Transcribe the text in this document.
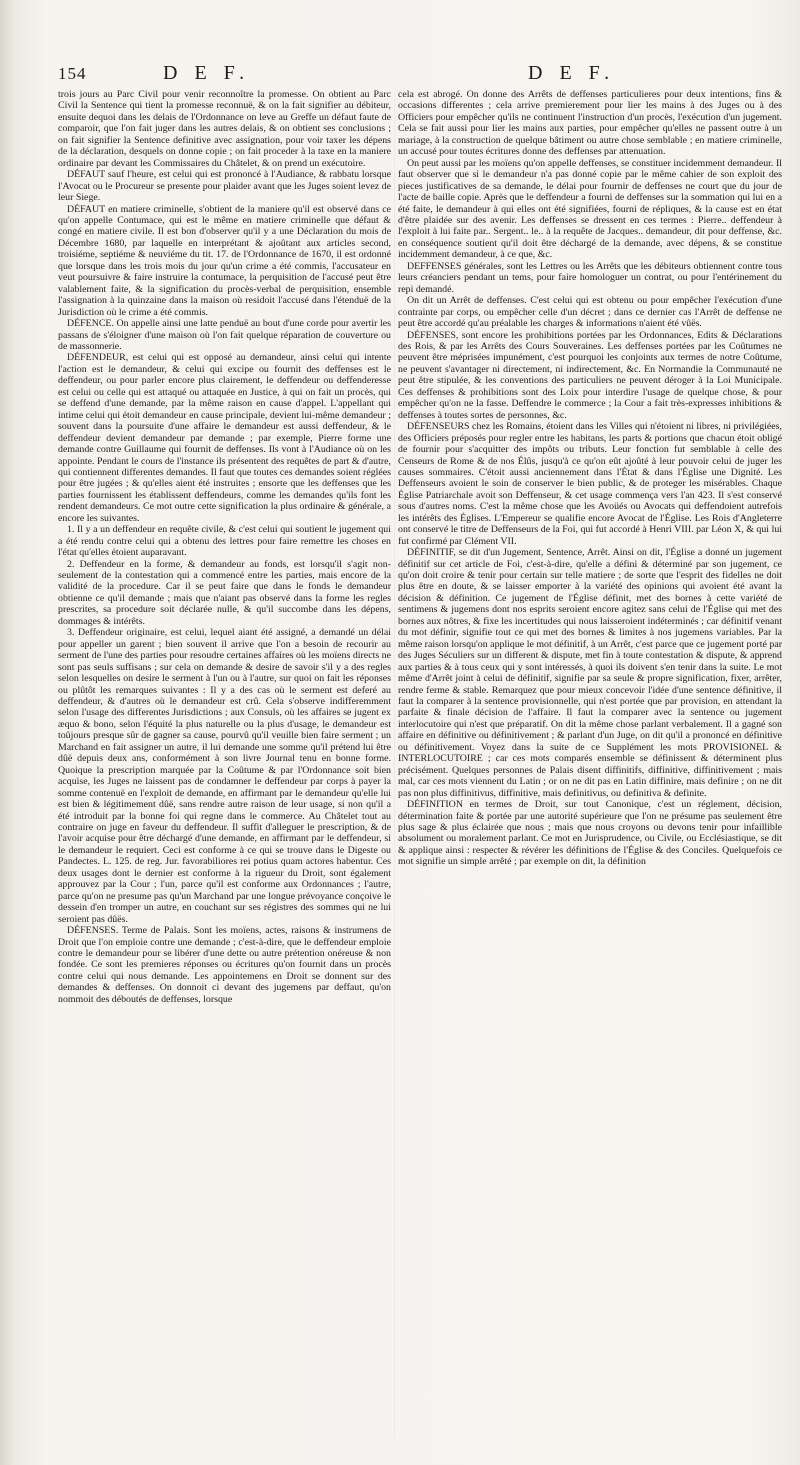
154	D E F.	D E F.

trois jours au Parc Civil pour venir reconnoître la promesse. On obtient au Parc Civil la Sentence qui tient la promesse reconnuë, & on la fait signifier au débiteur, ensuite dequoi dans les delais de l'Ordonnance on leve au Greffe un défaut faute de comparoir, que l'on fait juger dans les autres delais, & on obtient ses conclusions ; on fait signifier la Sentence definitive avec assignation, pour voir taxer les dépens de la déclaration, desquels on donne copie ; on fait proceder à la taxe en la maniere ordinaire par devant les Commissaires du Châtelet, & on prend un exécutoire.

DÉFAUT sauf l'heure, est celui qui est prononcé à l'Audiance, & rabbatu lorsque l'Avocat ou le Procureur se presente pour plaider avant que les Juges soient levez de leur Siege.

DÉFAUT en matiere criminelle, s'obtient de la maniere qu'il est observé dans ce qu'on appelle Contumace, qui est le même en matiere criminelle que défaut & congé en matiere civile. Il est bon d'observer qu'il y a une Déclaration du mois de Décembre 1680, par laquelle en interprétant & ajoûtant aux articles second, troisiéme, septiéme & neuviéme du tit. 17. de l'Ordonnance de 1670, il est ordonné que lorsque dans les trois mois du jour qu'un crime a été commis, l'accusateur en veut poursuivre & faire instruire la contumace, la perquisition de l'accusé peut être valablement faite, & la signification du procès-verbal de perquisition, ensemble l'assignation à la quinzaine dans la maison où residoit l'accusé dans l'étenduë de la Jurisdiction où le crime a été commis.

DÉFENCE. On appelle ainsi une latte penduë au bout d'une corde pour avertir les passans de s'éloigner d'une maison où l'on fait quelque réparation de couverture ou de massonnerie.

DÉFENDEUR, est celui qui est opposé au demandeur, ainsi celui qui intente l'action est le demandeur, & celui qui excipe ou fournit des deffenses est le deffendeur, ou pour parler encore plus clairement, le deffendeur ou deffenderesse est celui ou celle qui est attaqué ou attaquée en Justice, à qui on fait un procès, qui se deffend d'une demande, par la même raison en cause d'appel. L'appellant qui intime celui qui étoit demandeur en cause principale, devient lui-même demandeur ; souvent dans la poursuite d'une affaire le demandeur est aussi deffendeur, & le deffendeur devient demandeur par demande ; par exemple, Pierre forme une demande contre Guillaume qui fournit de deffenses. Ils vont à l'Audiance où on les appointe. Pendant le cours de l'instance ils présentent des requêtes de part & d'autre, qui contiennent differentes demandes. Il faut que toutes ces demandes soient réglées pour être jugées ; & qu'elles aient été instruites ; ensorte que les deffenses que les parties fournissent les établissent deffendeurs, comme les demandes qu'ils font les rendent demandeurs. Ce mot outre cette signification la plus ordinaire & générale, a encore les suivantes.

1. Il y a un deffendeur en requête civile, & c'est celui qui soutient le jugement qui a été rendu contre celui qui a obtenu des lettres pour faire remettre les choses en l'état qu'elles étoient auparavant.

2. Deffendeur en la forme, & demandeur au fonds, est lorsqu'il s'agit non-seulement de la contestation qui a commencé entre les parties, mais encore de la validité de la procedure. Car il se peut faire que dans le fonds le demandeur obtienne ce qu'il demande ; mais que n'aiant pas observé dans la forme les regles prescrites, sa procedure soit déclarée nulle, & qu'il succombe dans les dépens, dommages & intérêts.

3. Deffendeur originaire, est celui, lequel aiant été assigné, a demandé un délai pour appeller un garent ; bien souvent il arrive que l'on a besoin de recourir au serment de l'une des parties pour resoudre certaines affaires où les moïens directs ne sont pas seuls suffisans ; sur cela on demande & desire de savoir s'il y a des regles selon lesquelles on desire le serment à l'un ou à l'autre, sur quoi on fait les réponses ou plûtôt les remarques suivantes : Il y a des cas où le serment est deferé au deffendeur, & d'autres où le demandeur est crû. Cela s'observe indifferemment selon l'usage des differentes Jurisdictions ; aux Consuls, où les affaires se jugent ex æquo & bono, selon l'équité la plus naturelle ou la plus d'usage, le demandeur est toûjours presque sûr de gagner sa cause, pourvû qu'il veuille bien faire serment ; un Marchand en fait assigner un autre, il lui demande une somme qu'il prétend lui être dûë depuis deux ans, conformément à son livre Journal tenu en bonne forme. Quoique la prescription marquée par la Coûtume & par l'Ordonnance soit bien acquise, les Juges ne laissent pas de condamner le deffendeur par corps à payer la somme contenuë en l'exploit de demande, en affirmant par le demandeur qu'elle lui est bien & légitimement dûë, sans rendre autre raison de leur usage, si non qu'il a été introduit par la bonne foi qui regne dans le commerce. Au Châtelet tout au contraire on juge en faveur du deffendeur. Il suffit d'alleguer le prescription, & de l'avoir acquise pour être déchargé d'une demande, en affirmant par le deffendeur, si le demandeur le requiert. Ceci est conforme à ce qui se trouve dans le Digeste ou Pandectes. L. 125. de reg. Jur. favorabiliores rei potius quam actores habentur. Ces deux usages dont le dernier est conforme à la rigueur du Droit, sont également approuvez par la Cour ; l'un, parce qu'il est conforme aux Ordonnances ; l'autre, parce qu'on ne presume pas qu'un Marchand par une longue prévoyance conçoive le dessein d'en tromper un autre, en couchant sur ses régistres des sommes qui ne lui seroient pas dûës.

DÉFENSES. Terme de Palais. Sont les moïens, actes, raisons & instrumens de Droit que l'on emploie contre une demande ; c'est-à-dire, que le deffendeur emploie contre le demandeur pour se libérer d'une dette ou autre prétention onéreuse & non fondée. Ce sont les premieres réponses ou écritures qu'on fournit dans un procès contre celui qui nous demande. Les appointemens en Droit se donnent sur des demandes & deffenses. On donnoit ci devant des jugemens par deffaut, qu'on nommoit des déboutés de deffenses, lorsque

cela est abrogé. On donne des Arrêts de deffenses particulieres pour deux intentions, fins & occasions differentes ; cela arrive premierement pour lier les mains à des Juges ou à des Officiers pour empêcher qu'ils ne continuent l'instruction d'un procès, l'exécution d'un jugement. Cela se fait aussi pour lier les mains aux parties, pour empêcher qu'elles ne passent outre à un mariage, à la construction de quelque bâtiment ou autre chose semblable ; en matiere criminelle, un accusé pour toutes écritures donne des deffenses par attenuation.

On peut aussi par les moïens qu'on appelle deffenses, se constituer incidemment demandeur. Il faut observer que si le demandeur n'a pas donné copie par le même cahier de son exploit des pieces justificatives de sa demande, le délai pour fournir de deffenses ne court que du jour de l'acte de baille copie. Après que le deffendeur a fourni de deffenses sur la sommation qui lui en a été faite, le demandeur à qui elles ont été signifiées, fourni de répliques, & la cause est en état d'être plaidée sur des avenir. Les deffenses se dressent en ces termes : Pierre.. deffendeur à l'exploit à lui faite par.. Sergent.. le.. à la requête de Jacques.. demandeur, dit pour deffense, &c. en conséquence soutient qu'il doit être déchargé de la demande, avec dépens, & se constitue incidemment demandeur, à ce que, &c.

DEFFENSES générales, sont les Lettres ou les Arrêts que les débiteurs obtiennent contre tous leurs créanciers pendant un tems, pour faire homologuer un contrat, ou pour l'entérinement du repi demandé.

On dit un Arrêt de deffenses. C'est celui qui est obtenu ou pour empêcher l'exécution d'une contrainte par corps, ou empêcher celle d'un décret ; dans ce dernier cas l'Arrêt de deffense ne peut être accordé qu'au préalable les charges & informations n'aient été vûës.

DÉFENSES, sont encore les prohibitions portées par les Ordonnances, Edits & Déclarations des Rois, & par les Arrêts des Cours Souveraines. Les deffenses portées par les Coûtumes ne peuvent être méprisées impunément, c'est pourquoi les conjoints aux termes de notre Coûtume, ne peuvent s'avantager ni directement, ni indirectement, &c. En Normandie la Communauté ne peut être stipulée, & les conventions des particuliers ne peuvent déroger à la Loi Municipale. Ces deffenses & prohibitions sont des Loix pour interdire l'usage de quelque chose, & pour empêcher qu'on ne la fasse. Deffendre le commerce ; la Cour a fait très-expresses inhibitions & deffenses à toutes sortes de personnes, &c.

DÉFENSEURS chez les Romains, étoient dans les Villes qui n'étoient ni libres, ni privilégiées, des Officiers préposés pour regler entre les habitans, les parts & portions que chacun étoit obligé de fournir pour s'acquitter des impôts ou tributs. Leur fonction fut semblable à celle des Censeurs de Rome & de nos Élûs, jusqu'à ce qu'on eût ajoûté à leur pouvoir celui de juger les causes sommaires. C'étoit aussi anciennement dans l'État & dans l'Église une Dignité. Les Deffenseurs avoient le soin de conserver le bien public, & de proteger les misérables. Chaque Église Patriarchale avoit son Deffenseur, & cet usage commença vers l'an 423. Il s'est conservé sous d'autres noms. C'est la même chose que les Avoüés ou Avocats qui deffendoient autrefois les intérêts des Églises. L'Empereur se qualifie encore Avocat de l'Église. Les Rois d'Angleterre ont conservé le titre de Deffenseurs de la Foi, qui fut accordé à Henri VIII. par Léon X, & qui lui fut confirmé par Clément VII.

DÉFINITIF, se dit d'un Jugement, Sentence, Arrêt. Ainsi on dit, l'Église a donné un jugement définitif sur cet article de Foi, c'est-à-dire, qu'elle a défini & déterminé par son jugement, ce qu'on doit croire & tenir pour certain sur telle matiere ; de sorte que l'esprit des fidelles ne doit plus être en doute, & se laisser emporter à la variété des opinions qui avoient été avant la décision & définition. Ce jugement de l'Église définit, met des bornes à cette variété de sentimens & jugemens dont nos esprits seroient encore agitez sans celui de l'Église qui met des bornes aux nôtres, & fixe les incertitudes qui nous laisseroient indéterminés ; car définitif venant du mot définir, signifie tout ce qui met des bornes & limites à nos jugemens variables. Par la même raison lorsqu'on applique le mot définitif, à un Arrêt, c'est parce que ce jugement porté par des Juges Séculiers sur un different & dispute, met fin à toute contestation & dispute, & apprend aux parties & à tous ceux qui y sont intéressés, à quoi ils doivent s'en tenir dans la suite. Le mot même d'Arrêt joint à celui de définitif, signifie par sa seule & propre signification, fixer, arrêter, rendre ferme & stable. Remarquez que pour mieux concevoir l'idée d'une sentence définitive, il faut la comparer à la sentence provisionnelle, qui n'est portée que par provision, en attendant la parfaite & finale décision de l'affaire. Il faut la comparer avec la sentence ou jugement interlocutoire qui n'est que préparatif. On dit la même chose parlant verbalement. Il a gagné son affaire en définitive ou définitivement ; & parlant d'un Juge, on dit qu'il a prononcé en définitive ou définitivement. Voyez dans la suite de ce Supplément les mots PROVISIONEL & INTERLOCUTOIRE ; car ces mots comparés ensemble se définissent & déterminent plus précisément. Quelques personnes de Palais disent diffinitifs, diffinitive, diffinitivement ; mais mal, car ces mots viennent du Latin ; or on ne dit pas en Latin diffinire, mais definire ; on ne dit pas non plus diffinitivus, diffinitive, mais definitivus, ou definitiva & definite.

DÉFINITION en termes de Droit, sur tout Canonique, c'est un réglement, décision, détermination faite & portée par une autorité supérieure que l'on ne présume pas seulement être plus sage & plus éclairée que nous ; mais que nous croyons ou devons tenir pour infaillible absolument ou moralement parlant. Ce mot en Jurisprudence, ou Civile, ou Ecclésiastique, se dit & applique ainsi : respecter & révérer les définitions de l'Église & des Conciles. Quelquefois ce mot signifie un simple arrêté ; par exemple on dit, la définition
